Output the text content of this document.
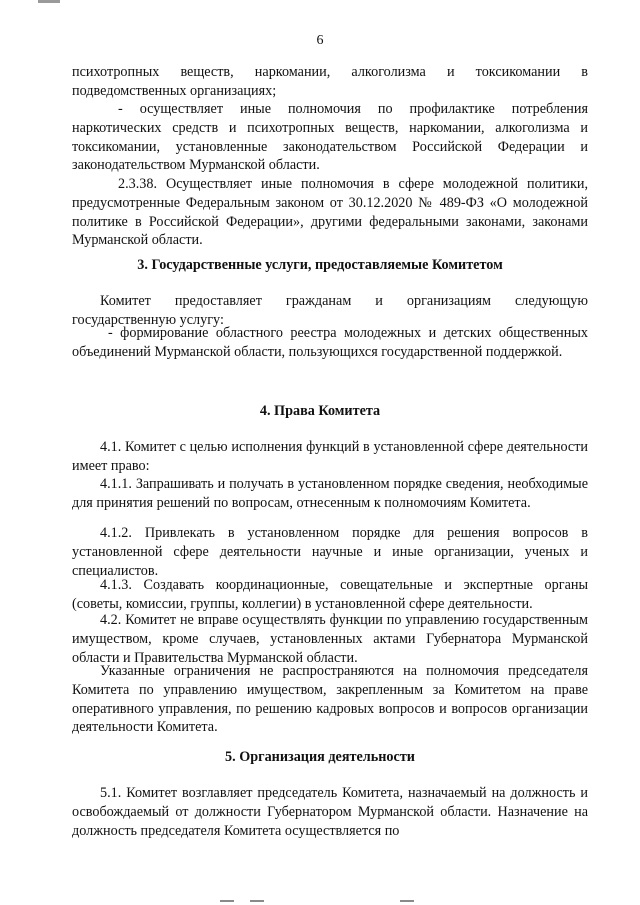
6

психотропных веществ, наркомании, алкоголизма и токсикомании в подведомственных организациях;

- осуществляет иные полномочия по профилактике потребления наркотических средств и психотропных веществ, наркомании, алкоголизма и токсикомании, установленные законодательством Российской Федерации и законодательством Мурманской области.

2.3.38. Осуществляет иные полномочия в сфере молодежной политики, предусмотренные Федеральным законом от 30.12.2020 № 489-ФЗ «О молодежной политике в Российской Федерации», другими федеральными законами, законами Мурманской области.

3. Государственные услуги, предоставляемые Комитетом

Комитет предоставляет гражданам и организациям следующую государственную услугу:

- формирование областного реестра молодежных и детских общественных объединений Мурманской области, пользующихся государственной поддержкой.

4. Права Комитета

4.1. Комитет с целью исполнения функций в установленной сфере деятельности имеет право:

4.1.1. Запрашивать и получать в установленном порядке сведения, необходимые для принятия решений по вопросам, отнесенным к полномочиям Комитета.

4.1.2. Привлекать в установленном порядке для решения вопросов в установленной сфере деятельности научные и иные организации, ученых и специалистов.

4.1.3. Создавать координационные, совещательные и экспертные органы (советы, комиссии, группы, коллегии) в установленной сфере деятельности.

4.2. Комитет не вправе осуществлять функции по управлению государственным имуществом, кроме случаев, установленных актами Губернатора Мурманской области и Правительства Мурманской области.

Указанные ограничения не распространяются на полномочия председателя Комитета по управлению имуществом, закрепленным за Комитетом на праве оперативного управления, по решению кадровых вопросов и вопросов организации деятельности Комитета.

5. Организация деятельности

5.1. Комитет возглавляет председатель Комитета, назначаемый на должность и освобождаемый от должности Губернатором Мурманской области. Назначение на должность председателя Комитета осуществляется по
